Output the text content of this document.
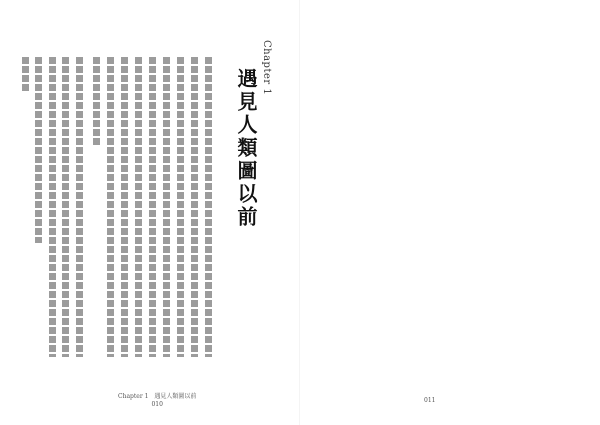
Chapter 1
遇見人類圖以前
Chapter 1　遇見人類圖以前
010
011
